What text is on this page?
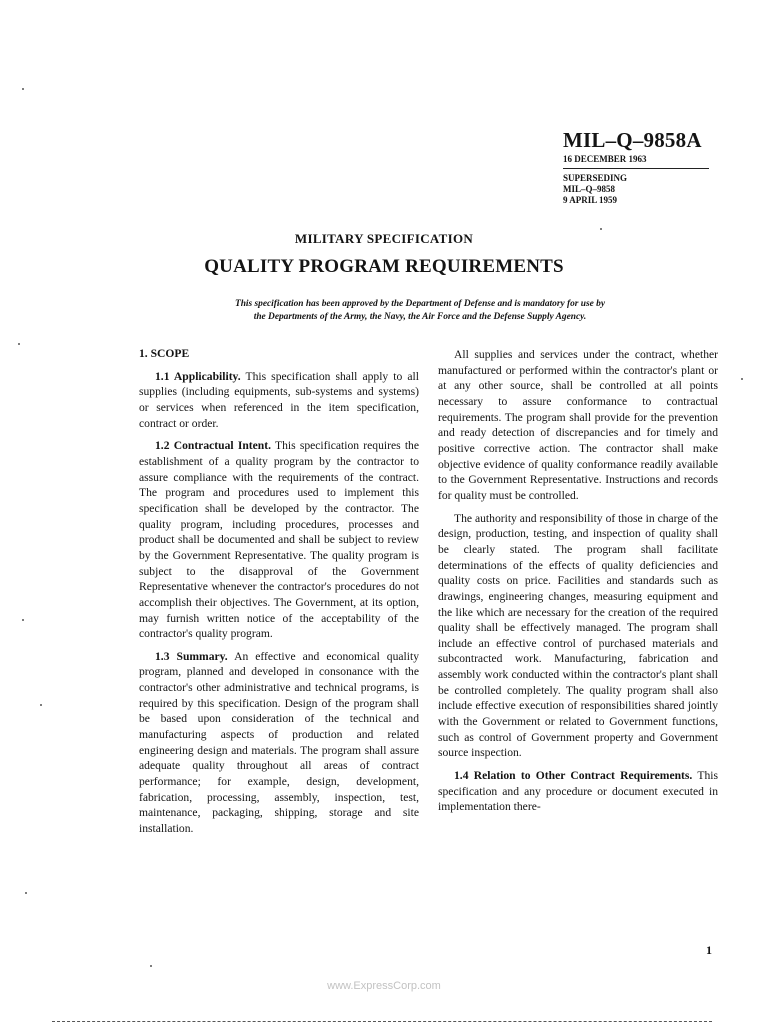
MIL–Q–9858A
16 DECEMBER 1963
SUPERSEDING
MIL–Q–9858
9 APRIL 1959
MILITARY SPECIFICATION
QUALITY PROGRAM REQUIREMENTS
This specification has been approved by the Department of Defense and is mandatory for use by
the Departments of the Army, the Navy, the Air Force and the Defense Supply Agency.
1. SCOPE

1.1 Applicability. This specification shall apply to all supplies (including equipments, sub-systems and systems) or services when referenced in the item specification, contract or order.

1.2 Contractual Intent. This specification requires the establishment of a quality program by the contractor to assure compliance with the requirements of the contract. The program and procedures used to implement this specification shall be developed by the contractor. The quality program, including procedures, processes and product shall be documented and shall be subject to review by the Government Representative. The quality program is subject to the disapproval of the Government Representative whenever the contractor's procedures do not accomplish their objectives. The Government, at its option, may furnish written notice of the acceptability of the contractor's quality program.

1.3 Summary. An effective and economical quality program, planned and developed in consonance with the contractor's other administrative and technical programs, is required by this specification. Design of the program shall be based upon consideration of the technical and manufacturing aspects of production and related engineering design and materials. The program shall assure adequate quality throughout all areas of contract performance; for example, design, development, fabrication, processing, assembly, inspection, test, maintenance, packaging, shipping, storage and site installation.

All supplies and services under the contract, whether manufactured or performed within the contractor's plant or at any other source, shall be controlled at all points necessary to assure conformance to contractual requirements. The program shall provide for the prevention and ready detection of discrepancies and for timely and positive corrective action. The contractor shall make objective evidence of quality conformance readily available to the Government Representative. Instructions and records for quality must be controlled.

The authority and responsibility of those in charge of the design, production, testing, and inspection of quality shall be clearly stated. The program shall facilitate determinations of the effects of quality deficiencies and quality costs on price. Facilities and standards such as drawings, engineering changes, measuring equipment and the like which are necessary for the creation of the required quality shall be effectively managed. The program shall include an effective control of purchased materials and subcontracted work. Manufacturing, fabrication and assembly work conducted within the contractor's plant shall be controlled completely. The quality program shall also include effective execution of responsibilities shared jointly with the Government or related to Government functions, such as control of Government property and Government source inspection.

1.4 Relation to Other Contract Requirements. This specification and any procedure or document executed in implementation there-

1
www.ExpressCorp.com
